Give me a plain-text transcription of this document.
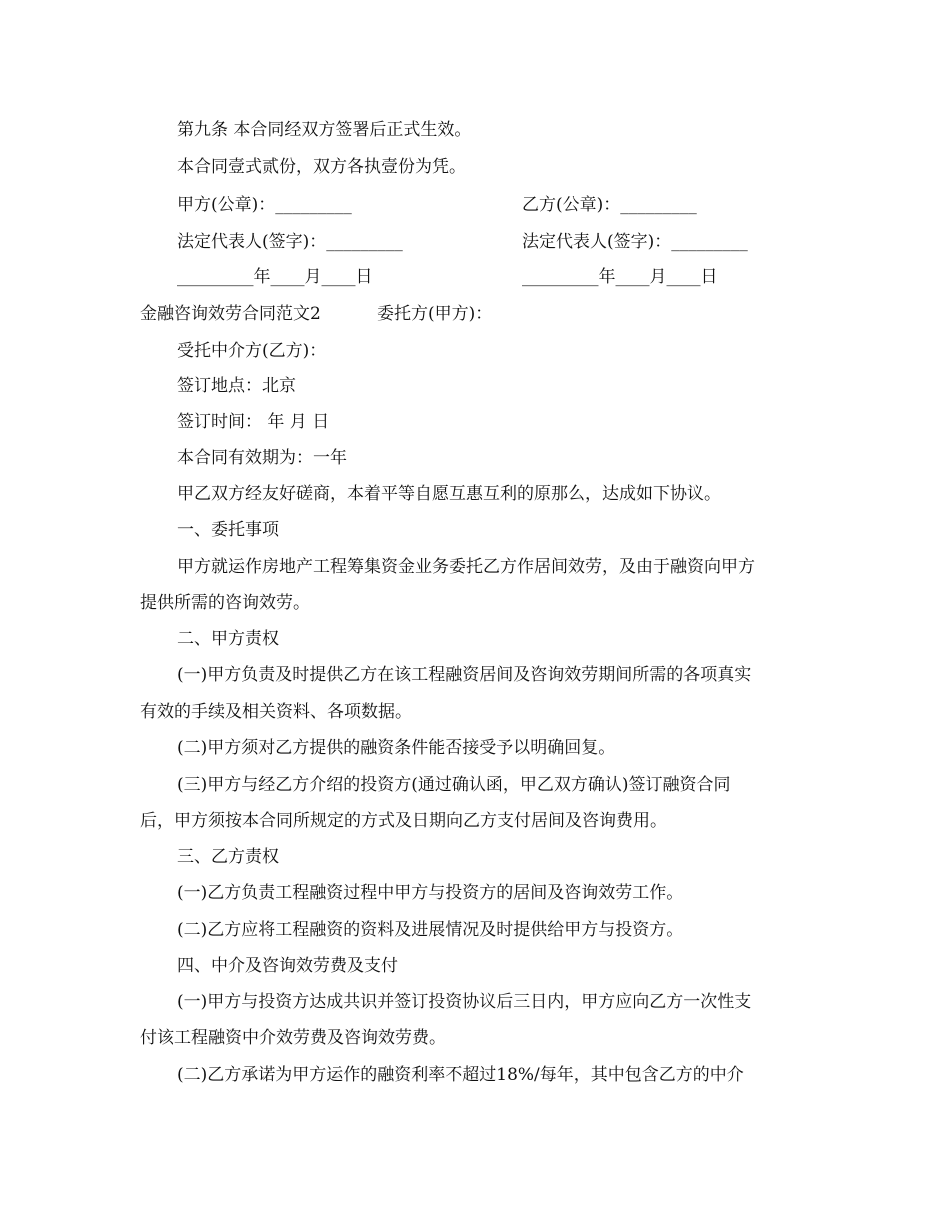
第九条 本合同经双方签署后正式生效。
本合同壹式贰份，双方各执壹份为凭。
甲方(公章)：_________	乙方(公章)：_________
法定代表人(签字)：_________	法定代表人(签字)：_________
_________年____月____日	_________年____月____日
金融咨询效劳合同范文2	委托方(甲方)：
受托中介方(乙方)：
签订地点：北京
签订时间： 年 月 日
本合同有效期为：一年
甲乙双方经友好磋商，本着平等自愿互惠互利的原那么，达成如下协议。
一、委托事项
甲方就运作房地产工程筹集资金业务委托乙方作居间效劳，及由于融资向甲方
提供所需的咨询效劳。
二、甲方责权
(一)甲方负责及时提供乙方在该工程融资居间及咨询效劳期间所需的各项真实
有效的手续及相关资料、各项数据。
(二)甲方须对乙方提供的融资条件能否接受予以明确回复。
(三)甲方与经乙方介绍的投资方(通过确认函，甲乙双方确认)签订融资合同
后，甲方须按本合同所规定的方式及日期向乙方支付居间及咨询费用。
三、乙方责权
(一)乙方负责工程融资过程中甲方与投资方的居间及咨询效劳工作。
(二)乙方应将工程融资的资料及进展情况及时提供给甲方与投资方。
四、中介及咨询效劳费及支付
(一)甲方与投资方达成共识并签订投资协议后三日内，甲方应向乙方一次性支
付该工程融资中介效劳费及咨询效劳费。
(二)乙方承诺为甲方运作的融资利率不超过18%/每年，其中包含乙方的中介
